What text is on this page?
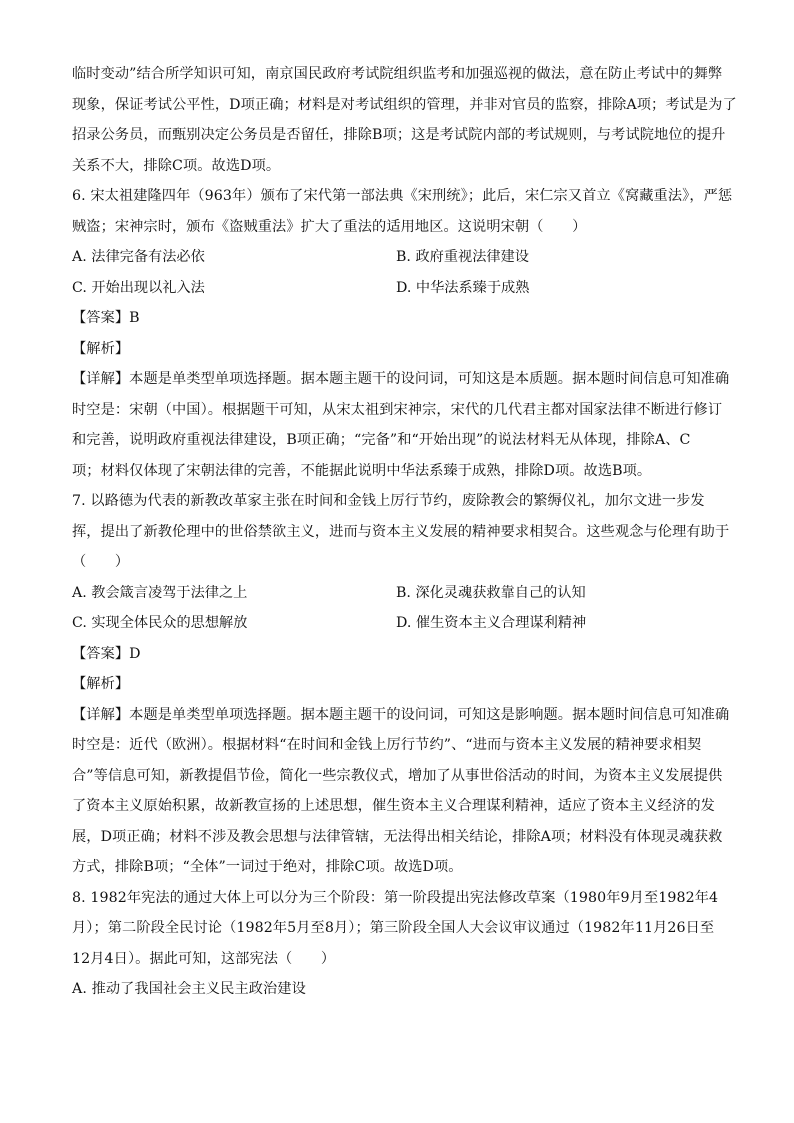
临时变动”结合所学知识可知，南京国民政府考试院组织监考和加强巡视的做法，意在防止考试中的舞弊
现象，保证考试公平性，D项正确；材料是对考试组织的管理，并非对官员的监察，排除A项；考试是为了
招录公务员，而甄别决定公务员是否留任，排除B项；这是考试院内部的考试规则，与考试院地位的提升
关系不大，排除C项。故选D项。
6. 宋太祖建隆四年（963年）颁布了宋代第一部法典《宋刑统》；此后，宋仁宗又首立《窝藏重法》，严惩
贼盗；宋神宗时，颁布《盗贼重法》扩大了重法的适用地区。这说明宋朝（　　）
A. 法律完备有法必依	B. 政府重视法律建设
C. 开始出现以礼入法	D. 中华法系臻于成熟
【答案】B
【解析】
【详解】本题是单类型单项选择题。据本题主题干的设问词，可知这是本质题。据本题时间信息可知准确
时空是：宋朝（中国）。根据题干可知，从宋太祖到宋神宗，宋代的几代君主都对国家法律不断进行修订
和完善，说明政府重视法律建设，B项正确；“完备”和“开始出现”的说法材料无从体现，排除A、C
项；材料仅体现了宋朝法律的完善，不能据此说明中华法系臻于成熟，排除D项。故选B项。
7. 以路德为代表的新教改革家主张在时间和金钱上厉行节约，废除教会的繁缛仪礼，加尔文进一步发
挥，提出了新教伦理中的世俗禁欲主义，进而与资本主义发展的精神要求相契合。这些观念与伦理有助于
（　　）
A. 教会箴言凌驾于法律之上	B. 深化灵魂获救靠自己的认知
C. 实现全体民众的思想解放	D. 催生资本主义合理谋利精神
【答案】D
【解析】
【详解】本题是单类型单项选择题。据本题主题干的设问词，可知这是影响题。据本题时间信息可知准确
时空是：近代（欧洲）。根据材料“在时间和金钱上厉行节约”、“进而与资本主义发展的精神要求相契
合”等信息可知，新教提倡节俭，简化一些宗教仪式，增加了从事世俗活动的时间，为资本主义发展提供
了资本主义原始积累，故新教宣扬的上述思想，催生资本主义合理谋利精神，适应了资本主义经济的发
展，D项正确；材料不涉及教会思想与法律管辖，无法得出相关结论，排除A项；材料没有体现灵魂获救
方式，排除B项；“全体”一词过于绝对，排除C项。故选D项。
8. 1982年宪法的通过大体上可以分为三个阶段：第一阶段提出宪法修改草案（1980年9月至1982年4
月）；第二阶段全民讨论（1982年5月至8月）；第三阶段全国人大会议审议通过（1982年11月26日至
12月4日）。据此可知，这部宪法（　　）
A. 推动了我国社会主义民主政治建设
